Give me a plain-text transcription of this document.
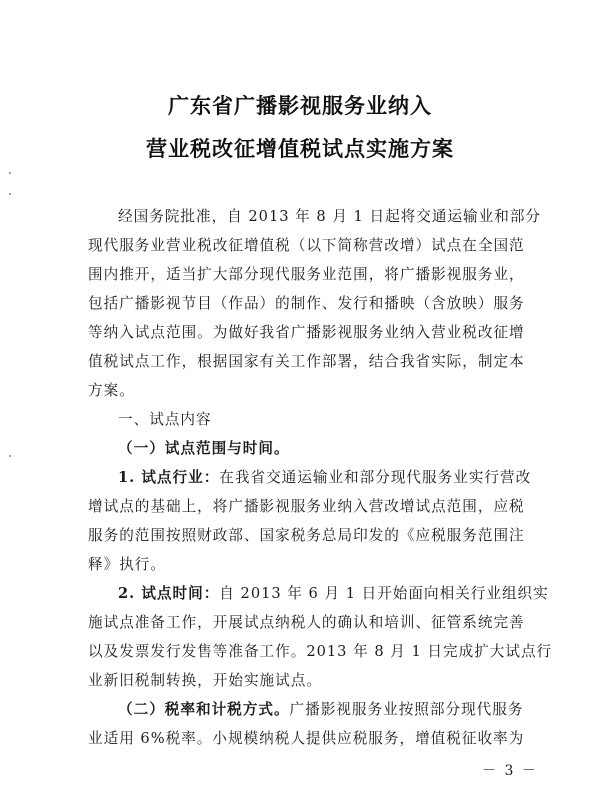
广东省广播影视服务业纳入
营业税改征增值税试点实施方案
经国务院批准，自 2013 年 8 月 1 日起将交通运输业和部分
现代服务业营业税改征增值税（以下简称营改增）试点在全国范
围内推开，适当扩大部分现代服务业范围，将广播影视服务业，
包括广播影视节目（作品）的制作、发行和播映（含放映）服务
等纳入试点范围。为做好我省广播影视服务业纳入营业税改征增
值税试点工作，根据国家有关工作部署，结合我省实际，制定本
方案。
一、试点内容
（一）试点范围与时间。
1. 试点行业：在我省交通运输业和部分现代服务业实行营改
增试点的基础上，将广播影视服务业纳入营改增试点范围，应税
服务的范围按照财政部、国家税务总局印发的《应税服务范围注
释》执行。
2. 试点时间：自 2013 年 6 月 1 日开始面向相关行业组织实
施试点准备工作，开展试点纳税人的确认和培训、征管系统完善
以及发票发行发售等准备工作。2013 年 8 月 1 日完成扩大试点行
业新旧税制转换，开始实施试点。
（二）税率和计税方式。广播影视服务业按照部分现代服务
业适用 6%税率。小规模纳税人提供应税服务，增值税征收率为
－ 3 －
